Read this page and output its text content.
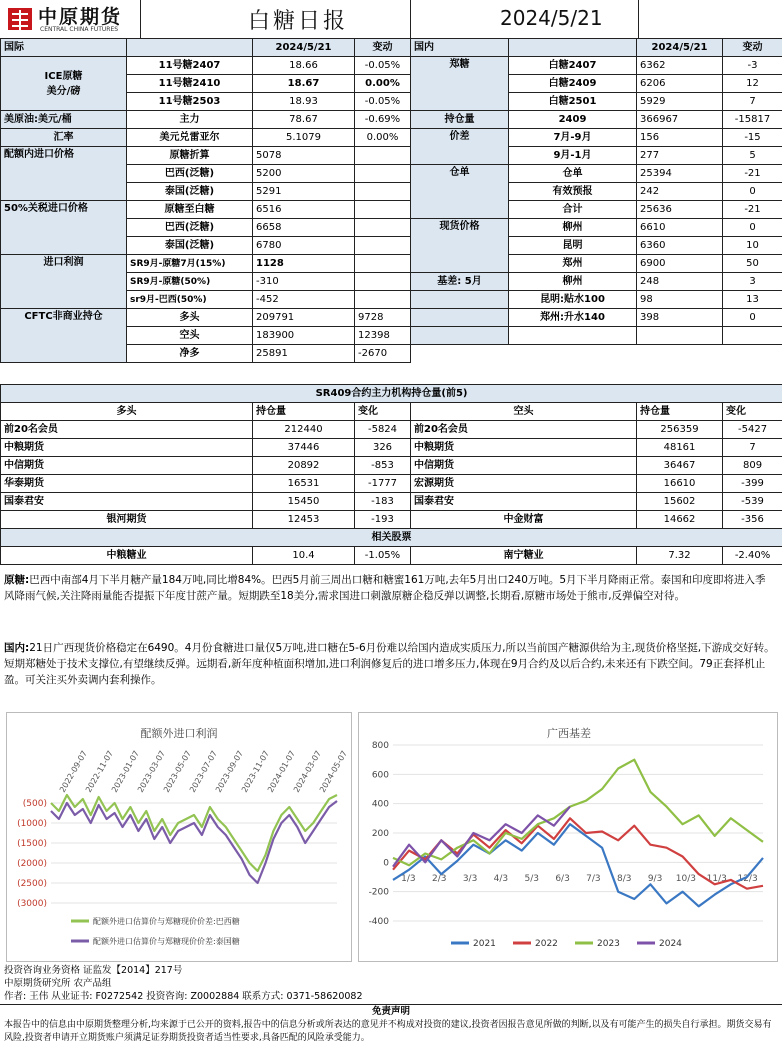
中原期货
CENTRAL CHINA FUTURES	白糖日报	2024/5/21
国际		2024/5/21	变动
ICE原糖
美分/磅	11号糖2407	18.66	-0.05%
	11号糖2410	18.67	0.00%
	11号糖2503	18.93	-0.05%
美原油:美元/桶	主力	78.67	-0.69%
汇率	美元兑雷亚尔	5.1079	0.00%
配额内进口价格	原糖折算	5078	
	巴西(泛糖)	5200	
	泰国(泛糖)	5291	
50%关税进口价格	原糖至白糖	6516	
	巴西(泛糖)	6658	
	泰国(泛糖)	6780	
进口利润	SR9月-原糖7月(15%)	1128	
	SR9月-原糖(50%)	-310	
	sr9月-巴西(50%)	-452	
CFTC非商业持仓	多头	209791	9728
	空头	183900	12398
	净多	25891	-2670
国内		2024/5/21	变动
郑糖	白糖2407	6362	-3
	白糖2409	6206	12
	白糖2501	5929	7
持仓量	2409	366967	-15817
价差	7月-9月	156	-15
	9月-1月	277	5
仓单	仓单	25394	-21
	有效预报	242	0
	合计	25636	-21
现货价格	柳州	6610	0
	昆明	6360	10
	郑州	6900	50
基差: 5月	柳州	248	3
	昆明:贴水100	98	13
	郑州:升水140	398	0

SR409合约主力机构持仓量(前5)					
多头	持仓量	变化	空头	持仓量	变化
前20名会员	212440	-5824	前20名会员	256359	-5427
中粮期货	37446	326	中粮期货	48161	7
中信期货	20892	-853	中信期货	36467	809
华泰期货	16531	-1777	宏源期货	16610	-399
国泰君安	15450	-183	国泰君安	15602	-539
银河期货	12453	-193	中金财富	14662	-356
相关股票					
中粮糖业	10.4	-1.05%	南宁糖业	7.32	-2.40%
原糖:巴西中南部4月下半月糖产量184万吨,同比增84%。巴西5月前三周出口糖和糖蜜161万吨,去年5月出口240万吨。5月下半月降雨正常。泰国和印度即将进入季风降雨气候,关注降雨量能否提振下年度甘蔗产量。短期跌至18美分,需求国进口刺激原糖企稳反弹以调整,长期看,原糖市场处于熊市,反弹偏空对待。
国内:21日广西现货价格稳定在6490。4月份食糖进口量仅5万吨,进口糖在5-6月份难以给国内造成实质压力,所以当前国产糖源供给为主,现货价格坚挺,下游成交好转。短期郑糖处于技术支撑位,有望继续反弹。远期看,新年度种植面积增加,进口利润修复后的进口增多压力,体现在9月合约及以后合约,未来还有下跌空间。79正套择机止盈。可关注买外卖调内套利操作。
配额外进口利润
(500)
(1000)
(1500)
(2000)
(2500)
(3000)
2022-09-07
2022-11-07
2023-01-07
2023-03-07
2023-05-07
2023-07-07
2023-09-07
2023-11-07
2024-01-07
2024-03-07
2024-05-07
配额外进口估算价与郑糖现价价差:巴西糖
配额外进口估算价与郑糖现价价差:泰国糖
广西基差
800
600
400
200
0
-200
-400
1/3 2/3 3/3 4/3 5/3 6/3 7/3 8/3 9/3 10/3 11/3 12/3
2021	2022	2023	2024
投资咨询业务资格 证监发【2014】217号
中原期货研究所 农产品组
作者: 王伟 从业证书: F0272542 投资咨询: Z0002884 联系方式: 0371-58620082
免责声明
本报告中的信息由中原期货整理分析,均来源于已公开的资料,报告中的信息分析或所表达的意见并不构成对投资的建议,投资者因报告意见所做的判断,以及有可能产生的损失自行承担。期货交易有风险,投资者申请开立期货账户须满足证券期货投资者适当性要求,具备匹配的风险承受能力。
